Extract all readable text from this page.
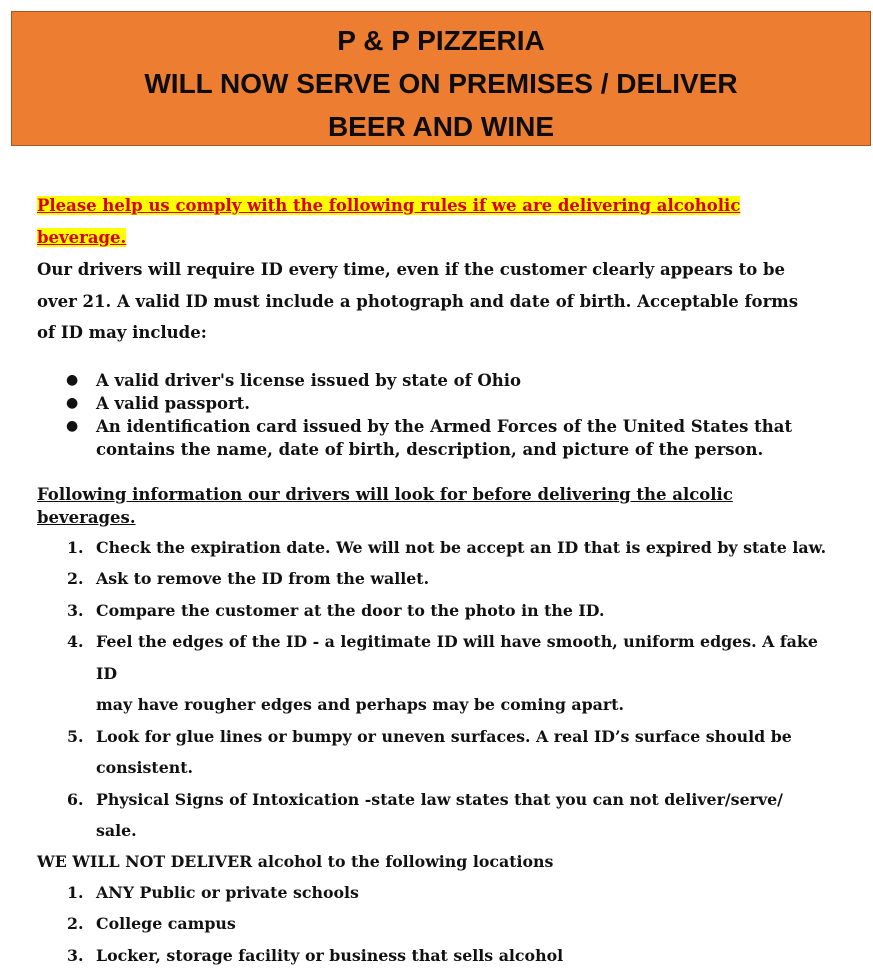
P & P PIZZERIA
WILL NOW SERVE ON PREMISES / DELIVER
BEER AND WINE
Please help us comply with the following rules if we are delivering alcoholic
beverage.
Our drivers will require ID every time, even if the customer clearly appears to be
over 21. A valid ID must include a photograph and date of birth. Acceptable forms
of ID may include:
● A valid driver's license issued by state of Ohio
● A valid passport.
● An identification card issued by the Armed Forces of the United States that
contains the name, date of birth, description, and picture of the person.
Following information our drivers will look for before delivering the alcolic
beverages.
1. Check the expiration date. We will not be accept an ID that is expired by state law.
2. Ask to remove the ID from the wallet.
3. Compare the customer at the door to the photo in the ID.
4. Feel the edges of the ID - a legitimate ID will have smooth, uniform edges. A fake ID
may have rougher edges and perhaps may be coming apart.
5. Look for glue lines or bumpy or uneven surfaces. A real ID’s surface should be
consistent.
6. Physical Signs of Intoxication -state law states that you can not deliver/serve/ sale.
WE WILL NOT DELIVER alcohol to the following locations
1. ANY Public or private schools
2. College campus
3. Locker, storage facility or business that sells alcohol
